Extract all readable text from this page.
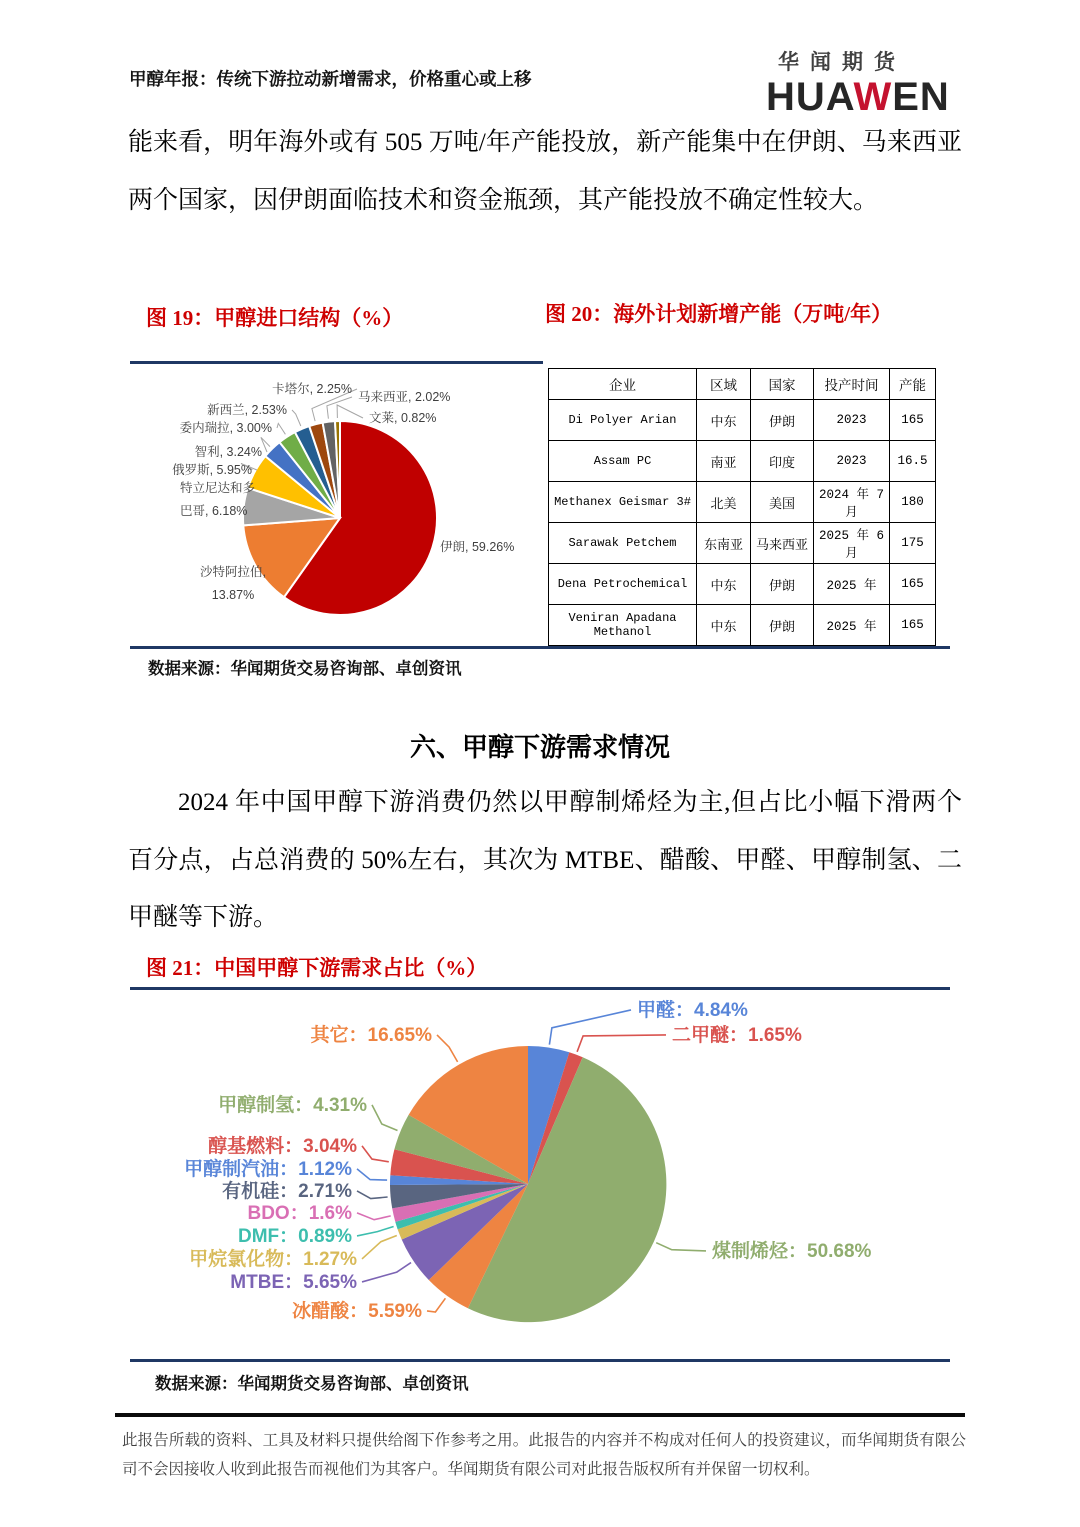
甲醇年报：传统下游拉动新增需求，价格重心或上移
华闻期货
HUAWEN

能来看，明年海外或有 505 万吨/年产能投放，新产能集中在伊朗、马来西亚两个国家，因伊朗面临技术和资金瓶颈，其产能投放不确定性较大。

图 19：甲醇进口结构（%）	图 20：海外计划新增产能（万吨/年）
伊朗, 59.26%
沙特阿拉伯, 13.87%
特立尼达和多巴哥, 6.18%
俄罗斯, 5.95%
智利, 3.24%
委内瑞拉, 3.00%
新西兰, 2.53%
卡塔尔, 2.25%
马来西亚, 2.02%
文莱, 0.82%
企业	区域	国家	投产时间	产能
Di Polyer Arian	中东	伊朗	2023	165
Assam PC	南亚	印度	2023	16.5
Methanex Geismar 3#	北美	美国	2024 年 7 月	180
Sarawak Petchem	东南亚	马来西亚	2025 年 6 月	175
Dena Petrochemical	中东	伊朗	2025 年	165
Veniran Apadana Methanol	中东	伊朗	2025 年	165
数据来源：华闻期货交易咨询部、卓创资讯
六、甲醇下游需求情况

2024 年中国甲醇下游消费仍然以甲醇制烯烃为主,但占比小幅下滑两个百分点，占总消费的 50%左右，其次为 MTBE、醋酸、甲醛、甲醇制氢、二甲醚等下游。

图 21：中国甲醇下游需求占比（%）
甲醛：4.84%
二甲醚：1.65%
煤制烯烃：50.68%
冰醋酸：5.59%
MTBE：5.65%
甲烷氯化物：1.27%
DMF：0.89%
BDO：1.6%
有机硅：2.71%
甲醇制汽油：1.12%
醇基燃料：3.04%
甲醇制氢：4.31%
其它：16.65%
数据来源：华闻期货交易咨询部、卓创资讯

此报告所载的资料、工具及材料只提供给阁下作参考之用。此报告的内容并不构成对任何人的投资建议，而华闻期货有限公司不会因接收人收到此报告而视他们为其客户。华闻期货有限公司对此报告版权所有并保留一切权利。
